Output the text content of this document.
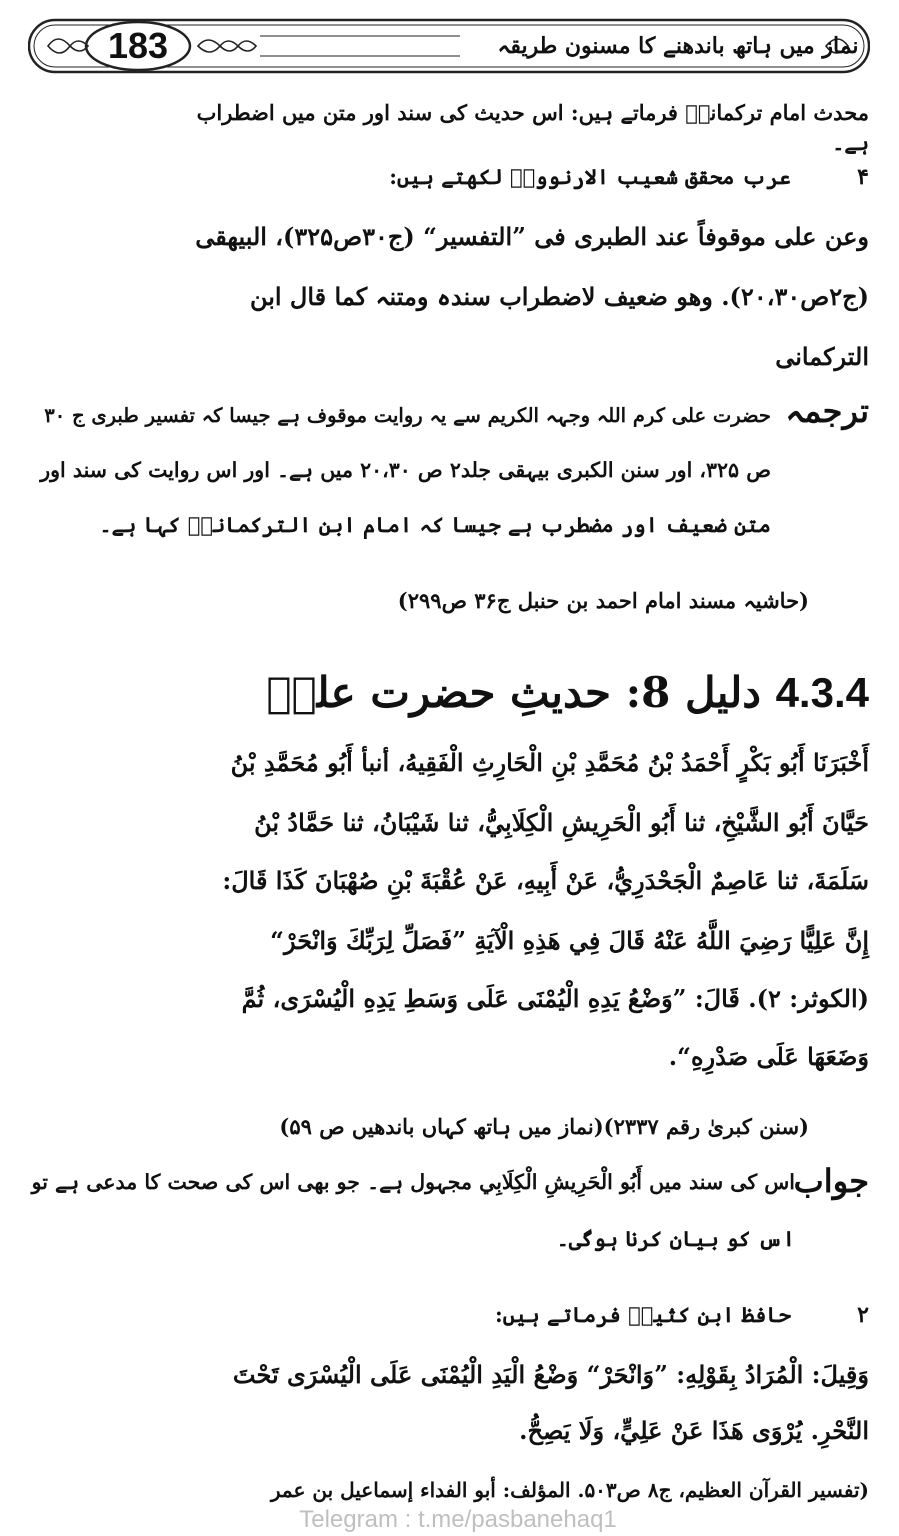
183	نماز میں ہاتھ باندھنے کا مسنون طریقہ
محدث امام ترکمانیؒ فرماتے ہیں: اس حدیث کی سند اور متن میں اضطراب
ہے۔
۴
عرب محقق شعیب الارنووطؒ لکھتے ہیں:
وعن علی موقوفاً عند الطبری فی ”التفسیر“ (ج۳۰ص۳۲۵)، البیھقی
(ج۲ص۲۰،۳۰). وھو ضعیف لاضطراب سندہ ومتنہ کما قال ابن
الترکمانی
ترجمہ
حضرت علی کرم اللہ وجہہ الکریم سے یہ روایت موقوف ہے جیسا کہ تفسیر طبری ج ۳۰
ص ۳۲۵، اور سنن الکبری بیہقی جلد۲ ص ۲۰،۳۰ میں ہے۔ اور اس روایت کی سند اور
متن ضعیف اور مضطرب ہے جیسا کہ امام ابن الترکمانیؒ کہا ہے۔
(حاشیہ مسند امام احمد بن حنبل ج۳۶ ص۲۹۹)
4.3.4 دلیل 8: حدیثِ حضرت علیؓ
أَخْبَرَنَا أَبُو بَكْرٍ أَحْمَدُ بْنُ مُحَمَّدِ بْنِ الْحَارِثِ الْفَقِيهُ، أنبأ أَبُو مُحَمَّدِ بْنُ
حَيَّانَ أَبُو الشَّيْخِ، ثنا أَبُو الْحَرِيشِ الْكِلَابِيُّ، ثنا شَيْبَانُ، ثنا حَمَّادُ بْنُ
سَلَمَةَ، ثنا عَاصِمٌ الْجَحْدَرِيُّ، عَنْ أَبِيهِ، عَنْ عُقْبَةَ بْنِ صُهْبَانَ كَذَا قَالَ:
إِنَّ عَلِيًّا رَضِيَ اللَّهُ عَنْهُ قَالَ فِي هَذِهِ الْآيَةِ ”فَصَلِّ لِرَبِّكَ وَانْحَرْ“
(الكوثر: ۲). قَالَ: ”وَضْعُ يَدِهِ الْيُمْنَى عَلَى وَسَطِ يَدِهِ الْيُسْرَى، ثُمَّ
وَضَعَهَا عَلَى صَدْرِهِ“.
(سنن کبریٰ رقم ۲۳۳۷)(نماز میں ہاتھ کہاں باندھیں ص ۵۹)
جواب
اس کی سند میں أَبُو الْحَرِيشِ الْكِلَابِي مجہول ہے۔ جو بھی اس کی صحت کا مدعی ہے تو
اس کو بیان کرنا ہوگی۔
۲
حافظ ابن کثیرؒ فرماتے ہیں:
وَقِيلَ: الْمُرَادُ بِقَوْلِهِ: ”وَانْحَرْ“ وَضْعُ الْيَدِ الْيُمْنَى عَلَى الْيُسْرَى تَحْتَ
النَّحْرِ. يُرْوَى هَذَا عَنْ عَلِيٍّ، وَلَا يَصِحُّ.
(تفسير القرآن العظيم، ج۸ ص۵۰۳. المؤلف: أبو الفداء إسماعيل بن عمر
Telegram : t.me/pasbanehaq1
